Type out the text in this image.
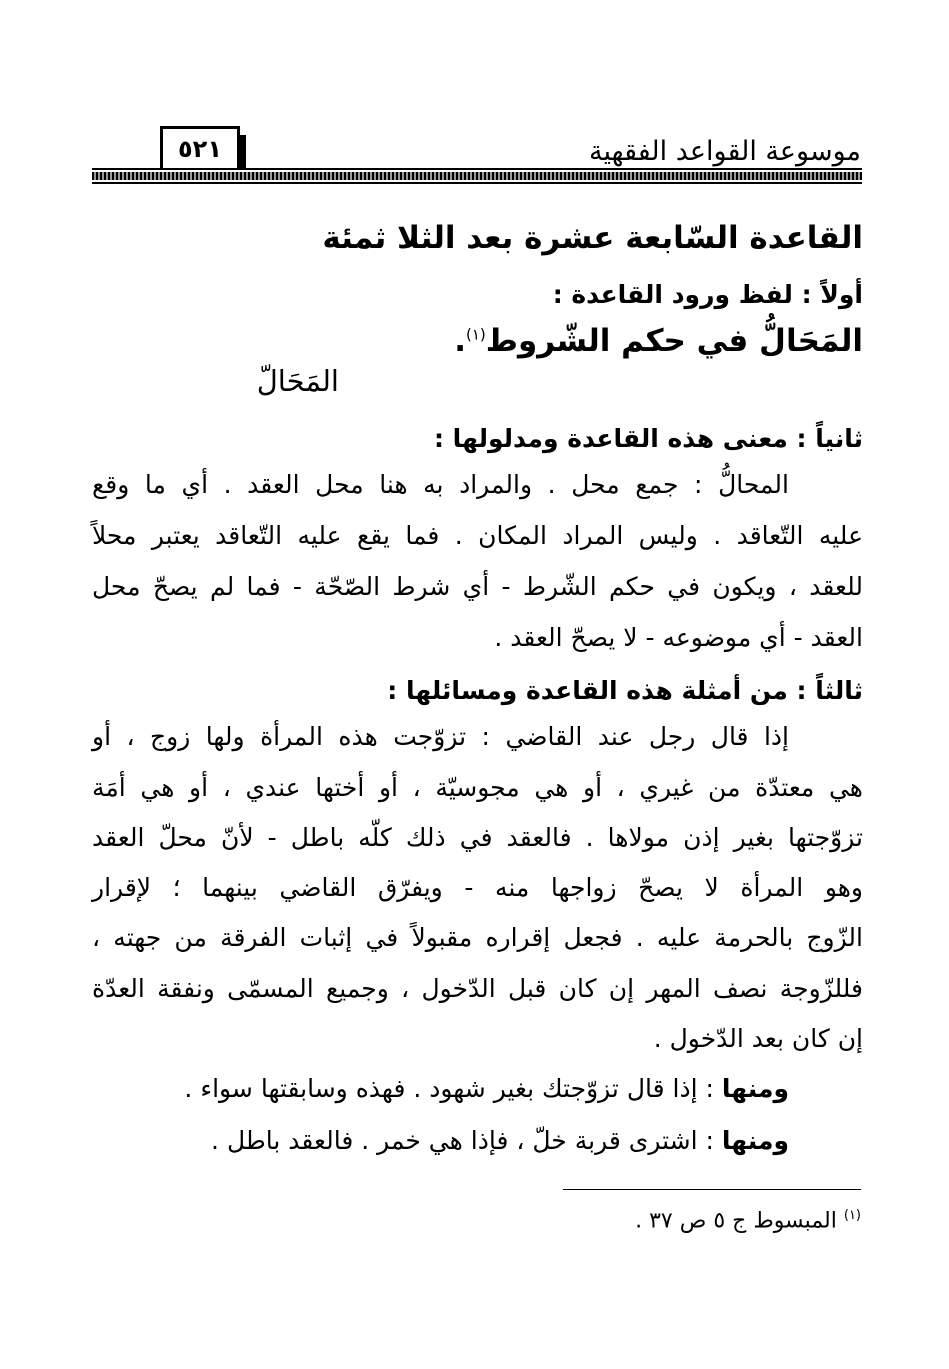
موسوعة القواعد الفقهية
٥٢١
القاعدة السّابعة عشرة بعد الثلا ثمئة
أولاً : لفظ ورود القاعدة :
المَحَالُّ في حكم الشّروط$^{(١)}$.
المَحَالّ
ثانياً : معنى هذه القاعدة ومدلولها :
المحالُّ : جمع محل . والمراد به هنا محل العقد . أي ما وقع
عليه التّعاقد . وليس المراد المكان . فما يقع عليه التّعاقد يعتبر محلاً
للعقد ، ويكون في حكم الشّرط - أي شرط الصّحّة - فما لم يصحّ محل
العقد - أي موضوعه - لا يصحّ العقد .
ثالثاً : من أمثلة هذه القاعدة ومسائلها :
إذا قال رجل عند القاضي : تزوّجت هذه المرأة ولها زوج ، أو
هي معتدّة من غيري ، أو هي مجوسيّة ، أو أختها عندي ، أو هي أمَة
تزوّجتها بغير إذن مولاها . فالعقد في ذلك كلّه باطل - لأنّ محلّ العقد
وهو المرأة لا يصحّ زواجها منه - ويفرّق القاضي بينهما ؛ لإقرار
الزّوج بالحرمة عليه . فجعل إقراره مقبولاً في إثبات الفرقة من جهته ،
فللزّوجة نصف المهر إن كان قبل الدّخول ، وجميع المسمّى ونفقة العدّة
إن كان بعد الدّخول .
ومنها : إذا قال تزوّجتك بغير شهود . فهذه وسابقتها سواء .
ومنها : اشترى قربة خلّ ، فإذا هي خمر . فالعقد باطل .
$^{(١)}$ المبسوط ج ٥ ص ٣٧ .
